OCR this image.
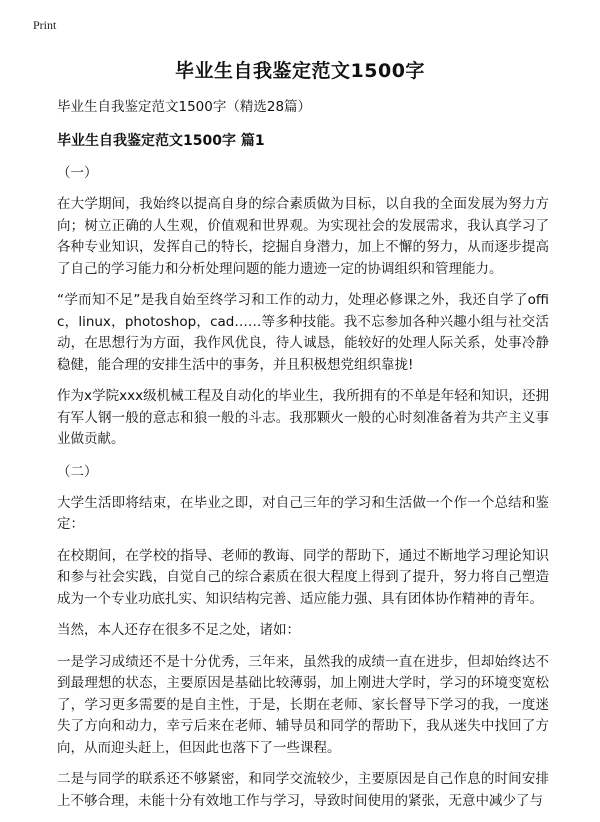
Print
毕业生自我鉴定范文1500字
毕业生自我鉴定范文1500字（精选28篇）
毕业生自我鉴定范文1500字 篇1
（一）
在大学期间，我始终以提高自身的综合素质做为目标，以自我的全面发展为努力方向；树立正确的人生观，价值观和世界观。为实现社会的发展需求，我认真学习了各种专业知识，发挥自己的特长，挖掘自身潜力，加上不懈的努力，从而逐步提高了自己的学习能力和分析处理问题的能力遗迹一定的协调组织和管理能力。
“学而知不足”是我自始至终学习和工作的动力，处理必修课之外，我还自学了offic，linux，photoshop，cad……等多种技能。我不忘参加各种兴趣小组与社交活动，在思想行为方面，我作风优良，待人诚恳，能较好的处理人际关系，处事冷静稳健，能合理的安排生活中的事务，并且积极想党组织靠拢!
作为x学院xxx级机械工程及自动化的毕业生，我所拥有的不单是年轻和知识，还拥有军人钢一般的意志和狼一般的斗志。我那颗火一般的心时刻准备着为共产主义事业做贡献。
（二）
大学生活即将结束，在毕业之即，对自己三年的学习和生活做一个作一个总结和鉴定：
在校期间，在学校的指导、老师的教诲、同学的帮助下，通过不断地学习理论知识和参与社会实践，自觉自己的综合素质在很大程度上得到了提升，努力将自己塑造成为一个专业功底扎实、知识结构完善、适应能力强、具有团体协作精神的青年。
当然，本人还存在很多不足之处，诸如：
一是学习成绩还不是十分优秀，三年来，虽然我的成绩一直在进步，但却始终达不到最理想的状态，主要原因是基础比较薄弱，加上刚进大学时，学习的环境变宽松了，学习更多需要的是自主性，于是，长期在老师、家长督导下学习的我，一度迷失了方向和动力，幸亏后来在老师、辅导员和同学的帮助下，我从迷失中找回了方向，从而迎头赶上，但因此也落下了一些课程。
二是与同学的联系还不够紧密，和同学交流较少，主要原因是自己作息的时间安排上不够合理，未能十分有效地工作与学习，导致时间使用的紧张，无意中减少了与
